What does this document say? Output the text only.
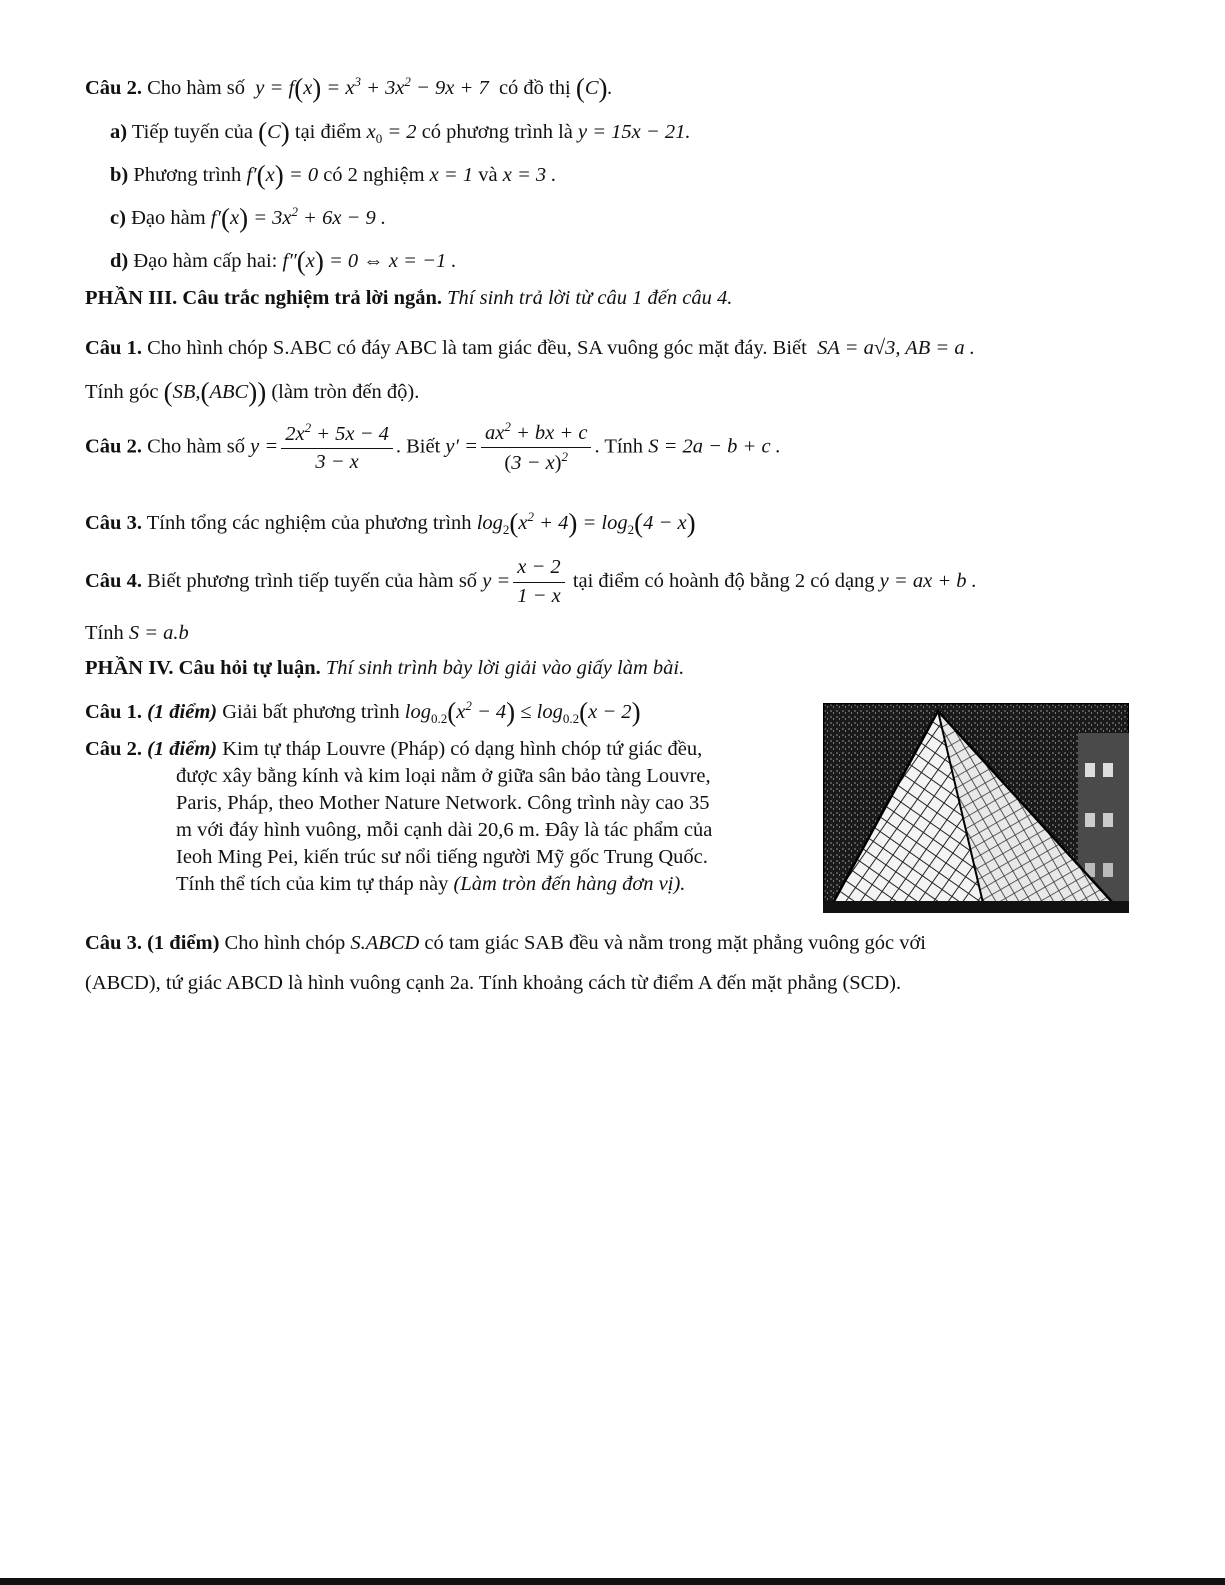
Câu 2. Cho hàm số  $y = f(x) = x^3 + 3x^2 - 9x + 7$  có đồ thị (C).
a) Tiếp tuyến của (C) tại điểm $x_0 = 2$ có phương trình là y = 15x − 21.
b) Phương trình f′(x) = 0 có 2 nghiệm x = 1 và x = 3 .
c) Đạo hàm $f'(x) = 3x^2 + 6x - 9$ .
d) Đạo hàm cấp hai: f″(x) = 0 ⇔ x = −1 .
PHẦN III. Câu trắc nghiệm trả lời ngắn. Thí sinh trả lời từ câu 1 đến câu 4.
Câu 1. Cho hình chóp S.ABC có đáy ABC là tam giác đều, SA vuông góc mặt đáy. Biết  SA = a√3, AB = a .
Tính góc (SB,(ABC)) (làm tròn đến độ).
Câu 2. Cho hàm số $y = \frac{2x^2 + 5x - 4}{3 - x}$ . Biết $y' = \frac{ax^2 + bx + c}{(3 - x)^2}$ . Tính S = 2a − b + c .
Câu 3. Tính tổng các nghiệm của phương trình $\log_2(x^2 + 4) = \log_2(4 - x)$
Câu 4. Biết phương trình tiếp tuyến của hàm số $y = \frac{x - 2}{1 - x}$ tại điểm có hoành độ bằng 2 có dạng y = ax + b .
Tính S = a.b
PHẦN IV. Câu hỏi tự luận. Thí sinh trình bày lời giải vào giấy làm bài.
Câu 1. (1 điểm) Giải bất phương trình $\log_{0.2}(x^2 - 4) \le \log_{0.2}(x - 2)$
Câu 2. (1 điểm) Kim tự tháp Louvre (Pháp) có dạng hình chóp tứ giác đều,
được xây bằng kính và kim loại nằm ở giữa sân bảo tàng Louvre,
Paris, Pháp, theo Mother Nature Network. Công trình này cao 35
m với đáy hình vuông, mỗi cạnh dài 20,6 m. Đây là tác phẩm của
Ieoh Ming Pei, kiến trúc sư nổi tiếng người Mỹ gốc Trung Quốc.
Tính thể tích của kim tự tháp này (Làm tròn đến hàng đơn vị).
Câu 3. (1 điểm) Cho hình chóp S.ABCD có tam giác SAB đều và nằm trong mặt phẳng vuông góc với
(ABCD), tứ giác ABCD là hình vuông cạnh 2a. Tính khoảng cách từ điểm A đến mặt phẳng (SCD).
